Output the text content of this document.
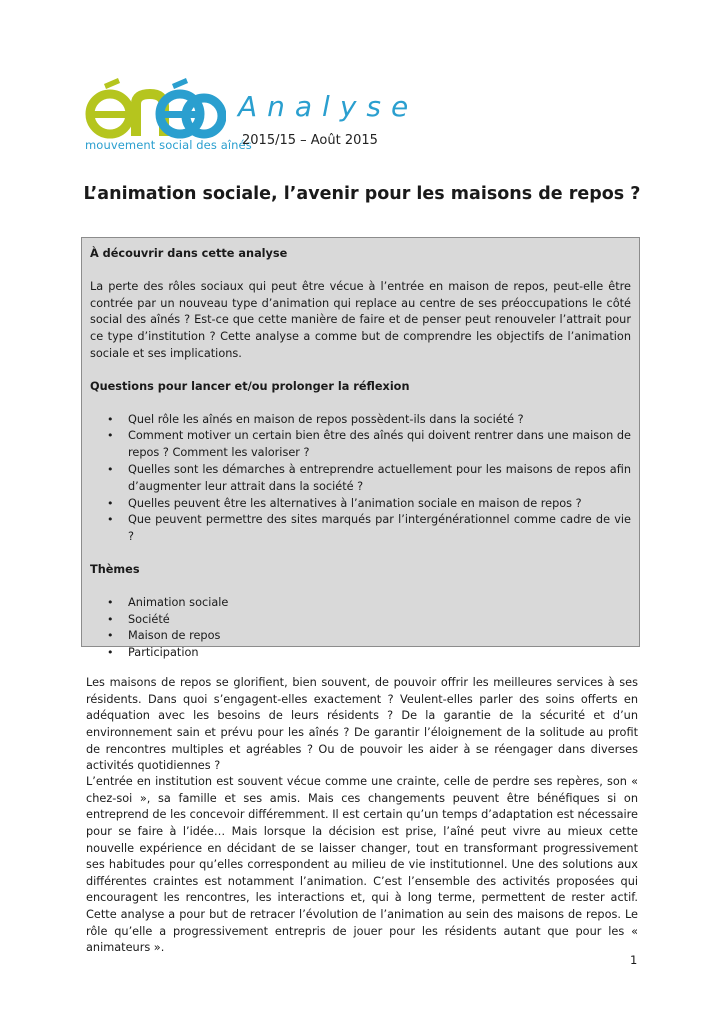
mouvement social des aînés
Analyse
2015/15 – Août 2015
L’animation sociale, l’avenir pour les maisons de repos ?
À découvrir dans cette analyse

La perte des rôles sociaux qui peut être vécue à l’entrée en maison de repos, peut-elle être contrée par un nouveau type d’animation qui replace au centre de ses préoccupations le côté social des aînés ? Est-ce que cette manière de faire et de penser peut renouveler l’attrait pour ce type d’institution ? Cette analyse a comme but de comprendre les objectifs de l’animation sociale et ses implications.

Questions pour lancer et/ou prolonger la réflexion
• Quel rôle les aînés en maison de repos possèdent-ils dans la société ?
• Comment motiver un certain bien être des aînés qui doivent rentrer dans une maison de repos ? Comment les valoriser ?
• Quelles sont les démarches à entreprendre actuellement pour les maisons de repos afin d’augmenter leur attrait dans la société ?
• Quelles peuvent être les alternatives à l’animation sociale en maison de repos ?
• Que peuvent permettre des sites marqués par l’intergénérationnel comme cadre de vie ?
Thèmes
• Animation sociale
• Société
• Maison de repos
• Participation

Les maisons de repos se glorifient, bien souvent, de pouvoir offrir les meilleures services à ses résidents. Dans quoi s’engagent-elles exactement ? Veulent-elles parler des soins offerts en adéquation avec les besoins de leurs résidents ? De la garantie de la sécurité et d’un environnement sain et prévu pour les aînés ? De garantir l’éloignement de la solitude au profit de rencontres multiples et agréables ? Ou de pouvoir les aider à se réengager dans diverses activités quotidiennes ?

L’entrée en institution est souvent vécue comme une crainte, celle de perdre ses repères, son « chez-soi », sa famille et ses amis. Mais ces changements peuvent être bénéfiques si on entreprend de les concevoir différemment. Il est certain qu’un temps d’adaptation est nécessaire pour se faire à l’idée… Mais lorsque la décision est prise, l’aîné peut vivre au mieux cette nouvelle expérience en décidant de se laisser changer, tout en transformant progressivement ses habitudes pour qu’elles correspondent au milieu de vie institutionnel. Une des solutions aux différentes craintes est notamment l’animation. C’est l’ensemble des activités proposées qui encouragent les rencontres, les interactions et, qui à long terme, permettent de rester actif. Cette analyse a pour but de retracer l’évolution de l’animation au sein des maisons de repos. Le rôle qu’elle a progressivement entrepris de jouer pour les résidents autant que pour les « animateurs ».

1
